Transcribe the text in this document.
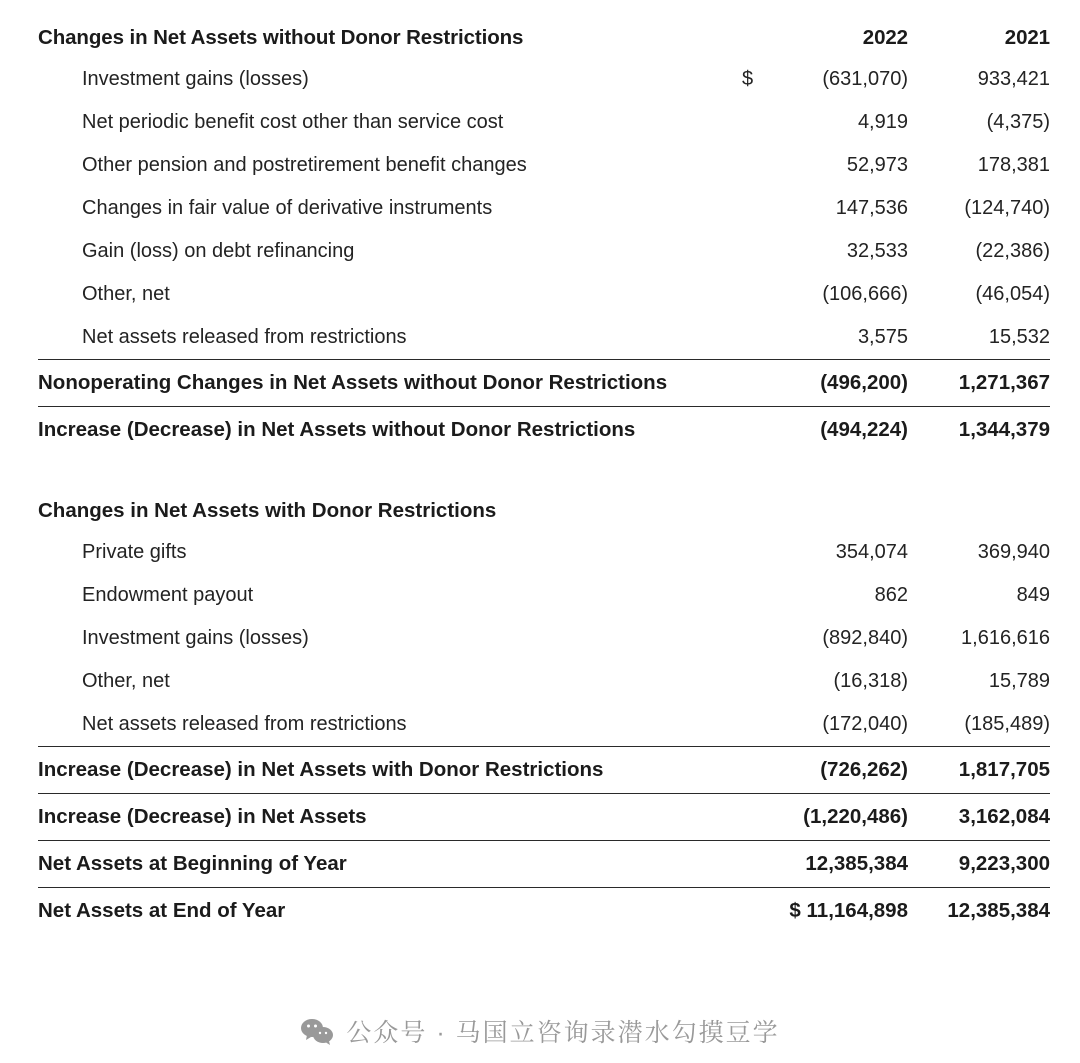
Changes in Net Assets without Donor Restrictions		2022	2021
Investment gains (losses)	$	(631,070)	933,421
Net periodic benefit cost other than service cost		4,919	(4,375)
Other pension and postretirement benefit changes		52,973	178,381
Changes in fair value of derivative instruments		147,536	(124,740)
Gain (loss) on debt refinancing		32,533	(22,386)
Other, net		(106,666)	(46,054)
Net assets released from restrictions		3,575	15,532
Nonoperating Changes in Net Assets without Donor Restrictions		(496,200)	1,271,367
Increase (Decrease) in Net Assets without Donor Restrictions		(494,224)	1,344,379

Changes in Net Assets with Donor Restrictions			
Private gifts		354,074	369,940
Endowment payout		862	849
Investment gains (losses)		(892,840)	1,616,616
Other, net		(16,318)	15,789
Net assets released from restrictions		(172,040)	(185,489)
Increase (Decrease) in Net Assets with Donor Restrictions		(726,262)	1,817,705
Increase (Decrease) in Net Assets		(1,220,486)	3,162,084
Net Assets at Beginning of Year		12,385,384	9,223,300
Net Assets at End of Year		$ 11,164,898	12,385,384
公众号 · 马国立咨询录潜水勾摸豆学
